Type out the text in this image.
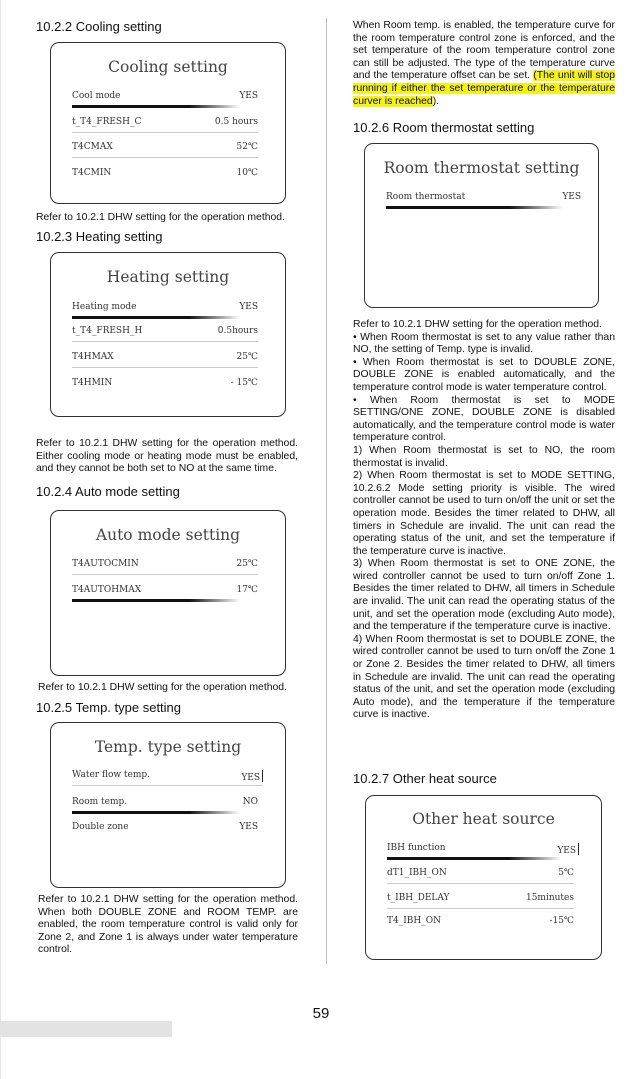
10.2.2 Cooling setting
Cooling setting
Cool mode	YES
t_T4_FRESH_C	0.5 hours
T4CMAX	52℃
T4CMIN	10℃
Refer to 10.2.1 DHW setting for the operation method.
10.2.3 Heating setting
Heating setting
Heating mode	YES
t_T4_FRESH_H	0.5hours
T4HMAX	25℃
T4HMIN	- 15℃
Refer to 10.2.1 DHW setting for the operation method. Either cooling mode or heating mode must be enabled, and they cannot be both set to NO at the same time.
10.2.4 Auto mode setting
Auto mode setting
T4AUTOCMIN	25℃
T4AUTOHMAX	17℃
Refer to 10.2.1 DHW setting for the operation method.
10.2.5 Temp. type setting
Temp. type setting
Water flow temp.	YES
Room temp.	NO
Double zone	YES
Refer to 10.2.1 DHW setting for the operation method. When both DOUBLE ZONE and ROOM TEMP. are enabled, the room temperature control is valid only for Zone 2, and Zone 1 is always under water temperature control.
When Room temp. is enabled, the temperature curve for the room temperature control zone is enforced, and the set temperature of the room temperature control zone can still be adjusted. The type of the temperature curve and the temperature offset can be set. (The unit will stop running if either the set temperature or the temperature curver is reached).
10.2.6 Room thermostat setting
Room thermostat setting
Room thermostat	YES

Refer to 10.2.1 DHW setting for the operation method.

• When Room thermostat is set to any value rather than NO, the setting of Temp. type is invalid.

• When Room thermostat is set to DOUBLE ZONE, DOUBLE ZONE is enabled automatically, and the temperature control mode is water temperature control.

• When Room thermostat is set to MODE SETTING/ONE ZONE, DOUBLE ZONE is disabled automatically, and the temperature control mode is water temperature control.

1) When Room thermostat is set to NO, the room thermostat is invalid.

2) When Room thermostat is set to MODE SETTING, 10.2.6.2 Mode setting priority is visible. The wired controller cannot be used to turn on/off the unit or set the operation mode. Besides the timer related to DHW, all timers in Schedule are invalid. The unit can read the operating status of the unit, and set the temperature if the temperature curve is inactive.

3) When Room thermostat is set to ONE ZONE, the wired controller cannot be used to turn on/off Zone 1. Besides the timer related to DHW, all timers in Schedule are invalid. The unit can read the operating status of the unit, and set the operation mode (excluding Auto mode), and the temperature if the temperature curve is inactive.

4) When Room thermostat is set to DOUBLE ZONE, the wired controller cannot be used to turn on/off the Zone 1 or Zone 2. Besides the timer related to DHW, all timers in Schedule are invalid. The unit can read the operating status of the unit, and set the operation mode (excluding Auto mode), and the temperature if the temperature curve is inactive.

10.2.7 Other heat source
Other heat source
IBH function	YES
dT1_IBH_ON	5℃
t_IBH_DELAY	15minutes
T4_IBH_ON	-15℃
59
